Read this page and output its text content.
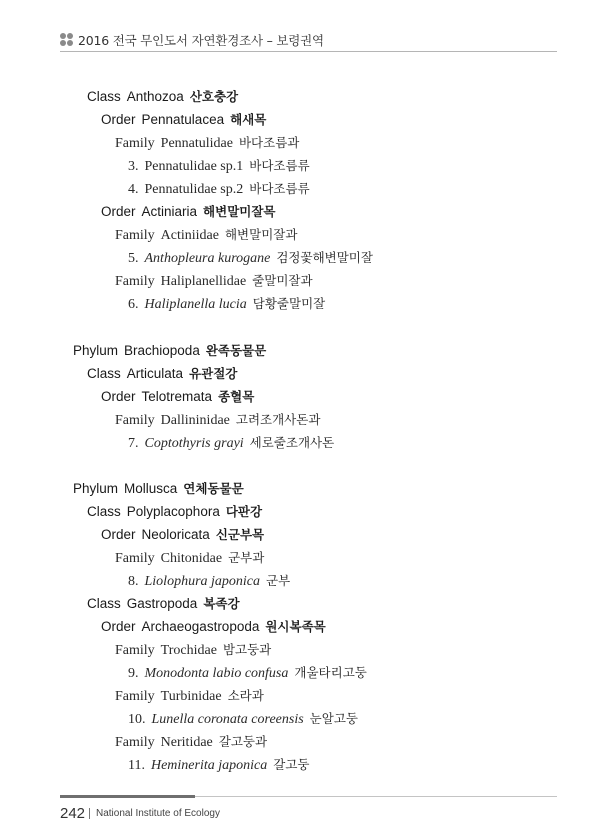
2016 전국 무인도서 자연환경조사 – 보령권역
Class Anthozoa 산호충강
Order Pennatulacea 해새목
Family Pennatulidae 바다조름과
3. Pennatulidae sp.1 바다조름류
4. Pennatulidae sp.2 바다조름류
Order Actiniaria 해변말미잘목
Family Actiniidae 해변말미잘과
5. Anthopleura kurogane 검정꽃해변말미잘
Family Haliplanellidae 줄말미잘과
6. Haliplanella lucia 담황줄말미잘
Phylum Brachiopoda 완족동물문
Class Articulata 유관절강
Order Telotremata 종혈목
Family Dallininidae 고려조개사돈과
7. Coptothyris grayi 세로줄조개사돈
Phylum Mollusca 연체동물문
Class Polyplacophora 다판강
Order Neoloricata 신군부목
Family Chitonidae 군부과
8. Liolophura japonica 군부
Class Gastropoda 복족강
Order Archaeogastropoda 원시복족목
Family Trochidae 밤고둥과
9. Monodonta labio confusa 개울타리고둥
Family Turbinidae 소라과
10. Lunella coronata coreensis 눈알고둥
Family Neritidae 갈고둥과
11. Heminerita japonica 갈고둥
242 National Institute of Ecology
